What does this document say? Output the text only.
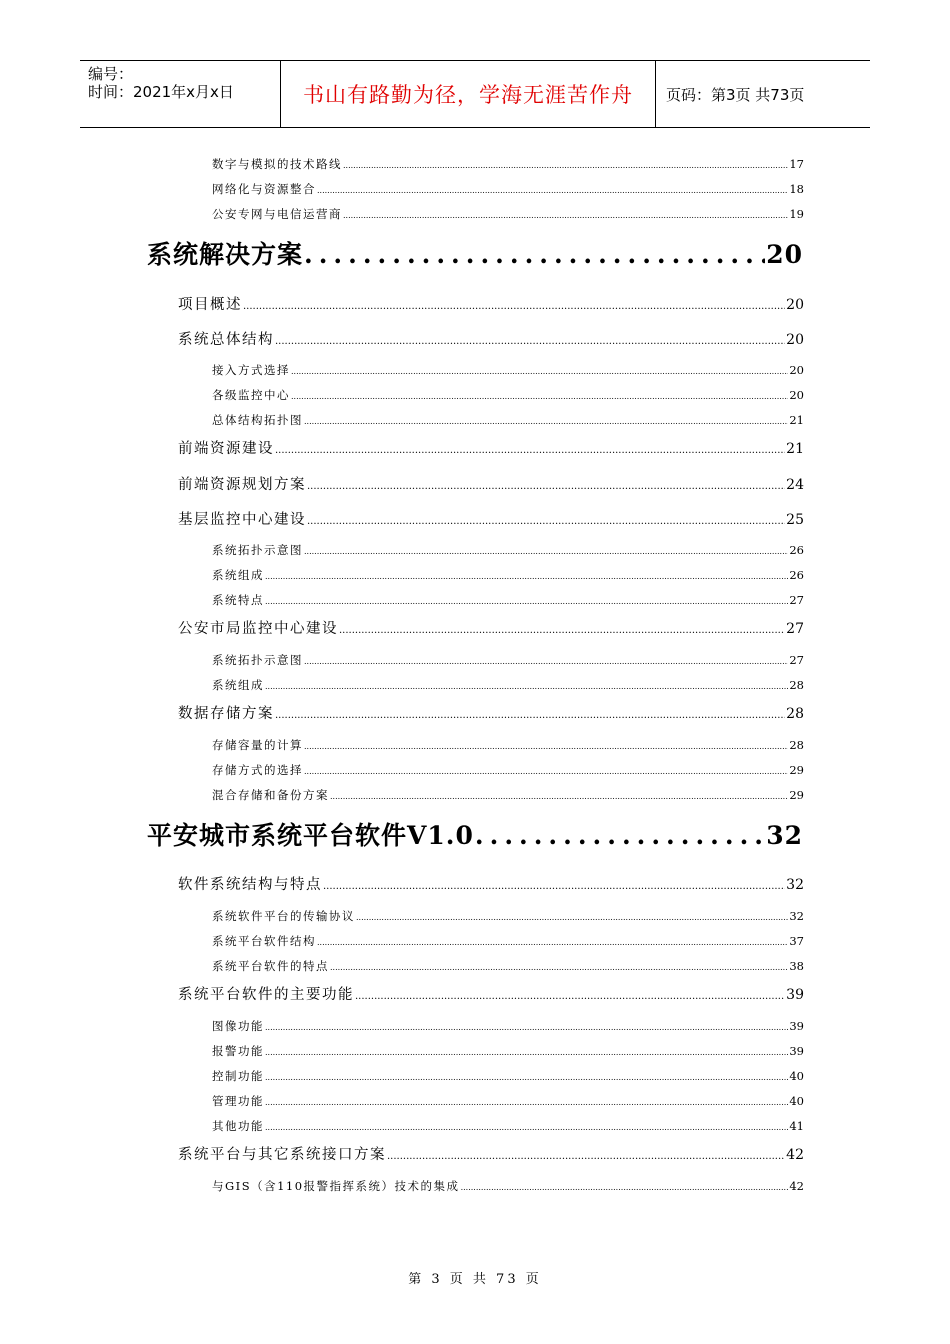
编号：
时间：2021年x月x日	书山有路勤为径，学海无涯苦作舟	页码：第3页 共73页
数字与模拟的技术路线 .....	17
网络化与资源整合 .....	18
公安专网与电信运营商 .....	19
系统解决方案 .....	20
项目概述 .....	20
系统总体结构 .....	20
接入方式选择 .....	20
各级监控中心 .....	20
总体结构拓扑图 .....	21
前端资源建设 .....	21
前端资源规划方案 .....	24
基层监控中心建设 .....	25
系统拓扑示意图 .....	26
系统组成 .....	26
系统特点 .....	27
公安市局监控中心建设 .....	27
系统拓扑示意图 .....	27
系统组成 .....	28
数据存储方案 .....	28
存储容量的计算 .....	28
存储方式的选择 .....	29
混合存储和备份方案 .....	29
平安城市系统平台软件V1.0 .....	32
软件系统结构与特点 .....	32
系统软件平台的传输协议 .....	32
系统平台软件结构 .....	37
系统平台软件的特点 .....	38
系统平台软件的主要功能 .....	39
图像功能 .....	39
报警功能 .....	39
控制功能 .....	40
管理功能 .....	40
其他功能 .....	41
系统平台与其它系统接口方案 .....	42
与GIS（含110报警指挥系统）技术的集成 .....	42
第 3 页 共 73 页
